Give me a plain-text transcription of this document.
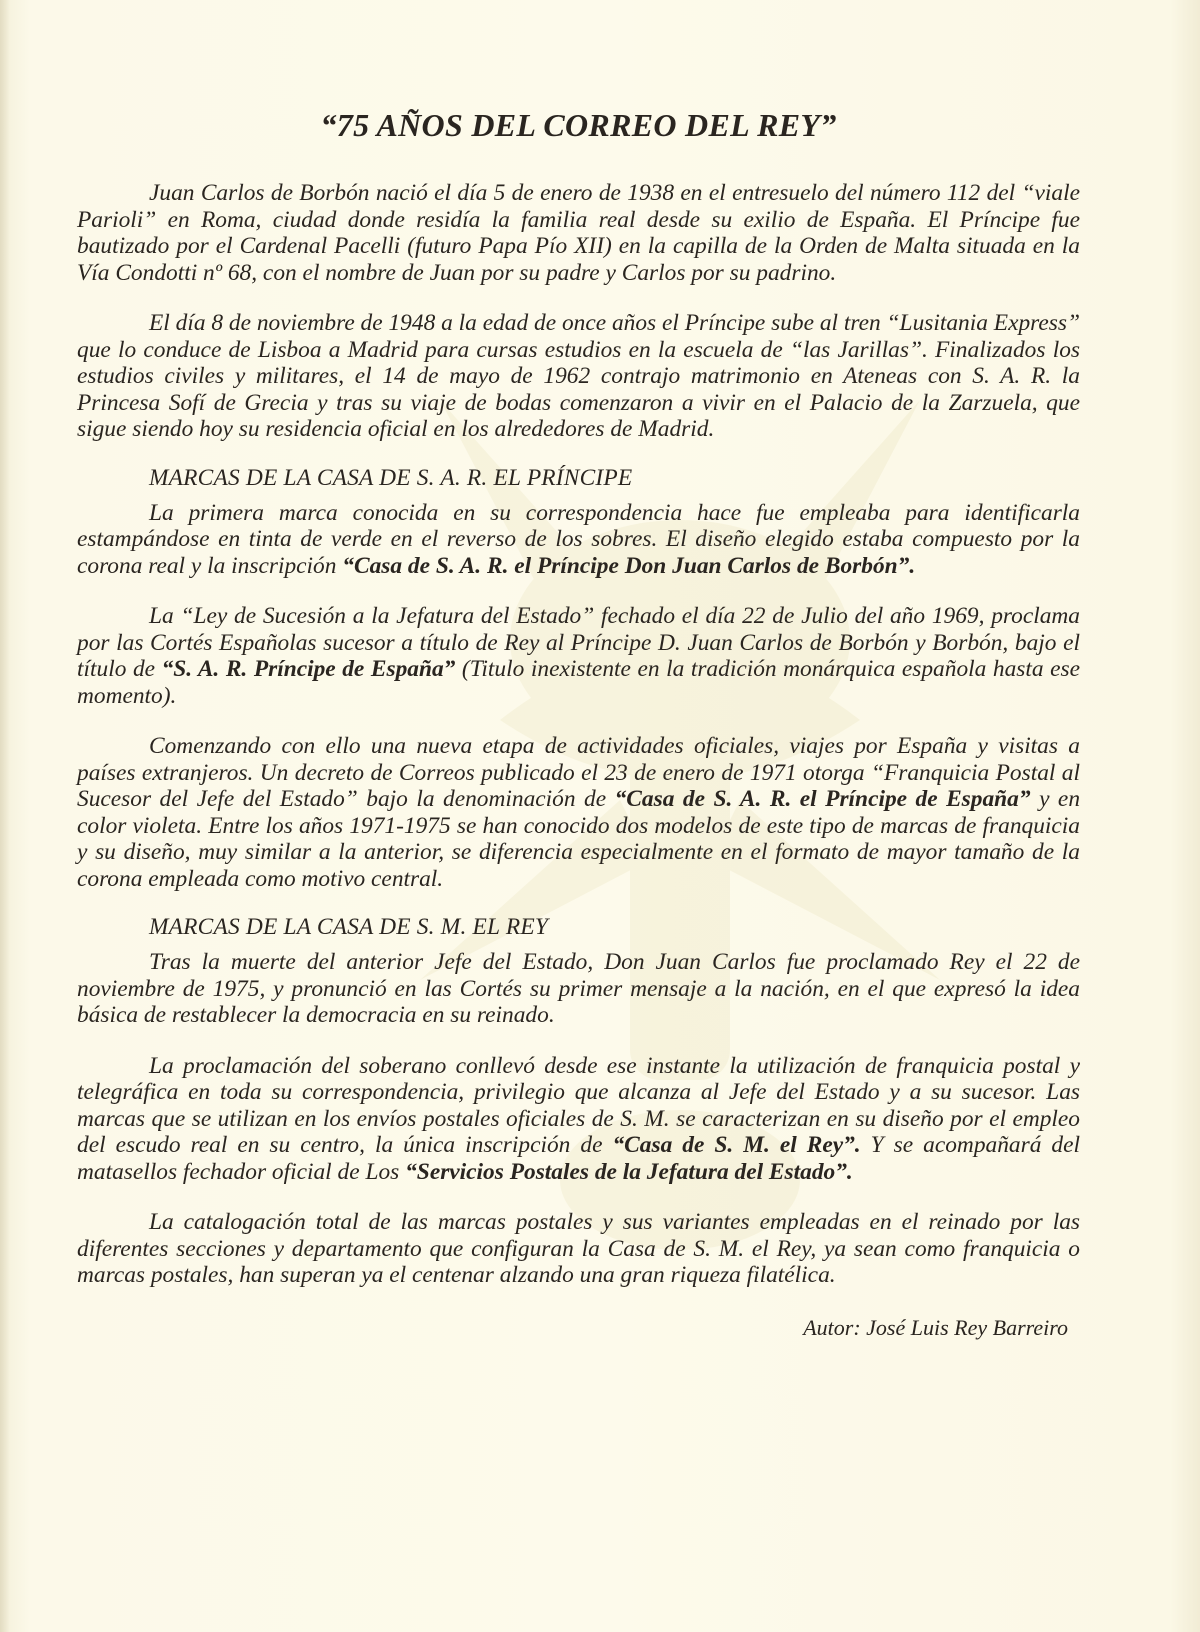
“75 AÑOS DEL CORREO DEL REY”

Juan Carlos de Borbón nació el día 5 de enero de 1938 en el entresuelo del número 112 del “viale Parioli” en Roma, ciudad donde residía la familia real desde su exilio de España. El Príncipe fue bautizado por el Cardenal Pacelli (futuro Papa Pío XII) en la capilla de la Orden de Malta situada en la Vía Condotti nº 68, con el nombre de Juan por su padre y Carlos por su padrino.

El día 8 de noviembre de 1948 a la edad de once años el Príncipe sube al tren “Lusitania Express” que lo conduce de Lisboa a Madrid para cursas estudios en la escuela de “las Jarillas”. Finalizados los estudios civiles y militares, el 14 de mayo de 1962 contrajo matrimonio en Ateneas con S. A. R. la Princesa Sofí de Grecia y tras su viaje de bodas comenzaron a vivir en el Palacio de la Zarzuela, que sigue siendo hoy su residencia oficial en los alrededores de Madrid.

MARCAS DE LA CASA DE S. A. R. EL PRÍNCIPE

La primera marca conocida en su correspondencia hace fue empleaba para identificarla estampándose en tinta de verde en el reverso de los sobres. El diseño elegido estaba compuesto por la corona real y la inscripción “Casa de S. A. R. el Príncipe Don Juan Carlos de Borbón”.

La “Ley de Sucesión a la Jefatura del Estado” fechado el día 22 de Julio del año 1969, proclama por las Cortés Españolas sucesor a título de Rey al Príncipe D. Juan Carlos de Borbón y Borbón, bajo el título de “S. A. R. Príncipe de España” (Titulo inexistente en la tradición monárquica española hasta ese momento).

Comenzando con ello una nueva etapa de actividades oficiales, viajes por España y visitas a países extranjeros. Un decreto de Correos publicado el 23 de enero de 1971 otorga “Franquicia Postal al Sucesor del Jefe del Estado” bajo la denominación de “Casa de S. A. R. el Príncipe de España” y en color violeta. Entre los años 1971-1975 se han conocido dos modelos de este tipo de marcas de franquicia y su diseño, muy similar a la anterior, se diferencia especialmente en el formato de mayor tamaño de la corona empleada como motivo central.

MARCAS DE LA CASA DE S. M. EL REY

Tras la muerte del anterior Jefe del Estado, Don Juan Carlos fue proclamado Rey el 22 de noviembre de 1975, y pronunció en las Cortés su primer mensaje a la nación, en el que expresó la idea básica de restablecer la democracia en su reinado.

La proclamación del soberano conllevó desde ese instante la utilización de franquicia postal y telegráfica en toda su correspondencia, privilegio que alcanza al Jefe del Estado y a su sucesor. Las marcas que se utilizan en los envíos postales oficiales de S. M. se caracterizan en su diseño por el empleo del escudo real en su centro, la única inscripción de “Casa de S. M. el Rey”. Y se acompañará del matasellos fechador oficial de Los “Servicios Postales de la Jefatura del Estado”.

La catalogación total de las marcas postales y sus variantes empleadas en el reinado por las diferentes secciones y departamento que configuran la Casa de S. M. el Rey, ya sean como franquicia o marcas postales, han superan ya el centenar alzando una gran riqueza filatélica.

Autor: José Luis Rey Barreiro
